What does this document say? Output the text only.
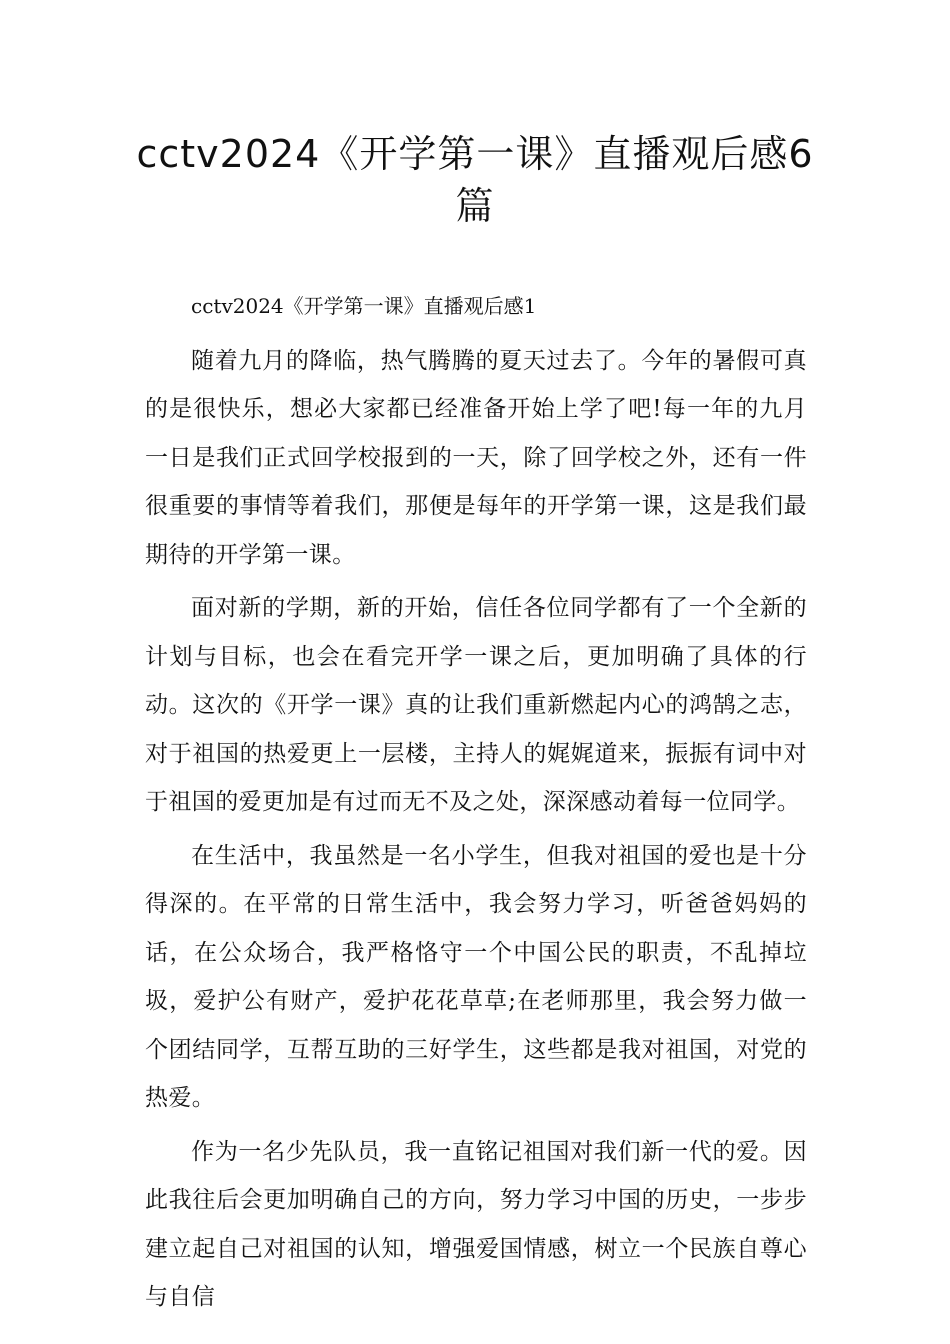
cctv2024《开学第一课》直播观后感6篇

cctv2024《开学第一课》直播观后感1

随着九月的降临，热气腾腾的夏天过去了。今年的暑假可真的是很快乐，想必大家都已经准备开始上学了吧!每一年的九月一日是我们正式回学校报到的一天，除了回学校之外，还有一件很重要的事情等着我们，那便是每年的开学第一课，这是我们最期待的开学第一课。

面对新的学期，新的开始，信任各位同学都有了一个全新的计划与目标，也会在看完开学一课之后，更加明确了具体的行动。这次的《开学一课》真的让我们重新燃起内心的鸿鹄之志，对于祖国的热爱更上一层楼，主持人的娓娓道来，振振有词中对于祖国的爱更加是有过而无不及之处，深深感动着每一位同学。

在生活中，我虽然是一名小学生，但我对祖国的爱也是十分得深的。在平常的日常生活中，我会努力学习，听爸爸妈妈的话，在公众场合，我严格恪守一个中国公民的职责，不乱掉垃圾，爱护公有财产，爱护花花草草;在老师那里，我会努力做一个团结同学，互帮互助的三好学生，这些都是我对祖国，对党的热爱。

作为一名少先队员，我一直铭记祖国对我们新一代的爱。因此我往后会更加明确自己的方向，努力学习中国的历史，一步步建立起自己对祖国的认知，增强爱国情感，树立一个民族自尊心与自信
